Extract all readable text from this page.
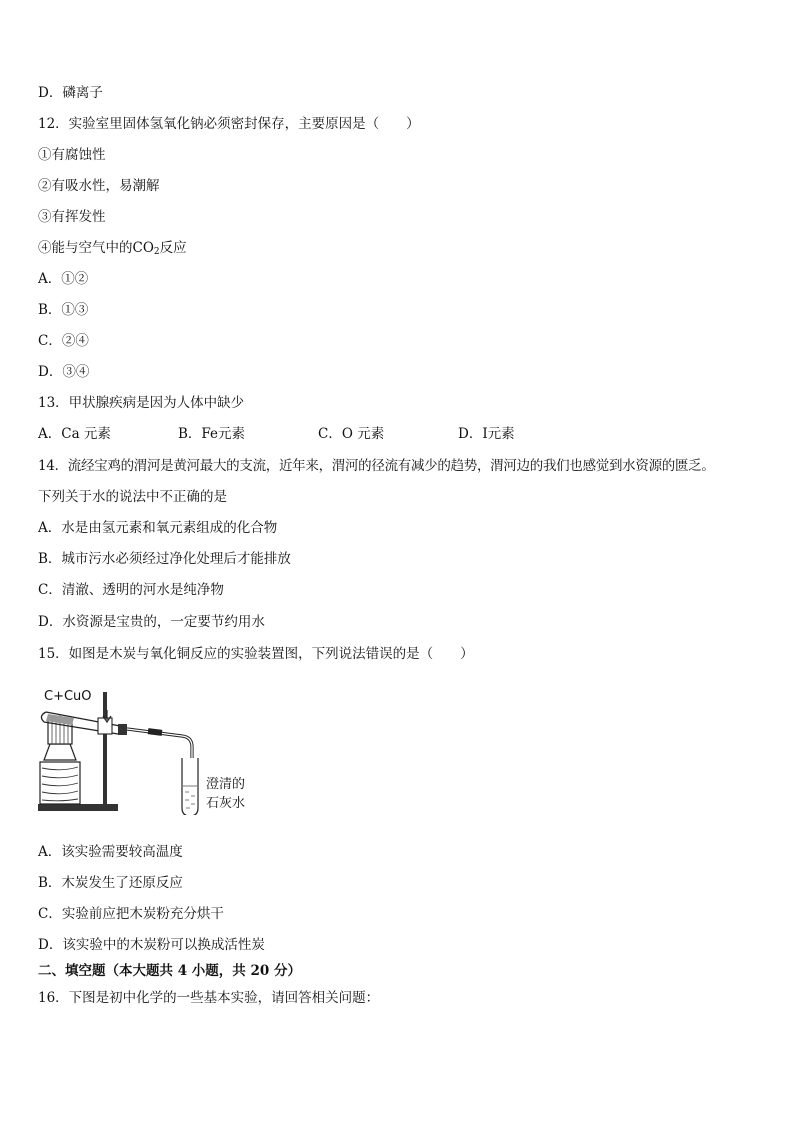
D．磷离子
12．实验室里固体氢氧化钠必须密封保存，主要原因是（　　）
①有腐蚀性
②有吸水性，易潮解
③有挥发性
④能与空气中的$CO_2$反应
A．①②
B．①③
C．②④
D．③④
13．甲状腺疾病是因为人体中缺少
A．Ca 元素	B．Fe元素	C．O 元素	D．I元素
14．流经宝鸡的渭河是黄河最大的支流，近年来，渭河的径流有减少的趋势，渭河边的我们也感觉到水资源的匮乏。
下列关于水的说法中不正确的是
A．水是由氢元素和氧元素组成的化合物
B．城市污水必须经过净化处理后才能排放
C．清澈、透明的河水是纯净物
D．水资源是宝贵的，一定要节约用水
15．如图是木炭与氧化铜反应的实验装置图，下列说法错误的是（　　）
C+CuO
澄清的
石灰水
A．该实验需要较高温度
B．木炭发生了还原反应
C．实验前应把木炭粉充分烘干
D．该实验中的木炭粉可以换成活性炭
二、填空题（本大题共 4 小题，共 20 分）
16．下图是初中化学的一些基本实验，请回答相关问题：
